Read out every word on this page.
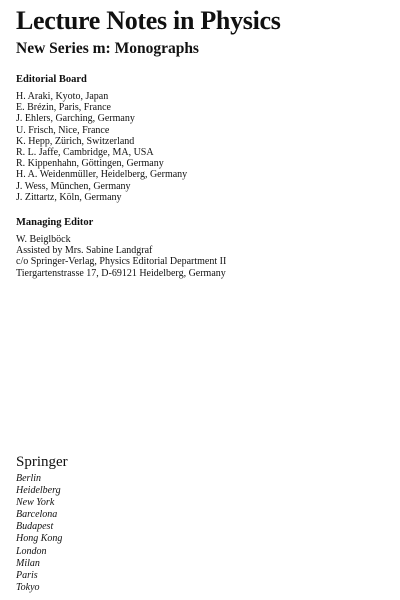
Lecture Notes in Physics
New Series m: Monographs
Editorial Board
H. Araki, Kyoto, Japan
E. Brézin, Paris, France
J. Ehlers, Garching, Germany
U. Frisch, Nice, France
K. Hepp, Zürich, Switzerland
R. L. Jaffe, Cambridge, MA, USA
R. Kippenhahn, Göttingen, Germany
H. A. Weidenmüller, Heidelberg, Germany
J. Wess, München, Germany
J. Zittartz, Köln, Germany
Managing Editor
W. Beiglböck
Assisted by Mrs. Sabine Landgraf
c/o Springer-Verlag, Physics Editorial Department II
Tiergartenstrasse 17, D-69121 Heidelberg, Germany
Springer
Berlin
Heidelberg
New York
Barcelona
Budapest
Hong Kong
London
Milan
Paris
Tokyo
